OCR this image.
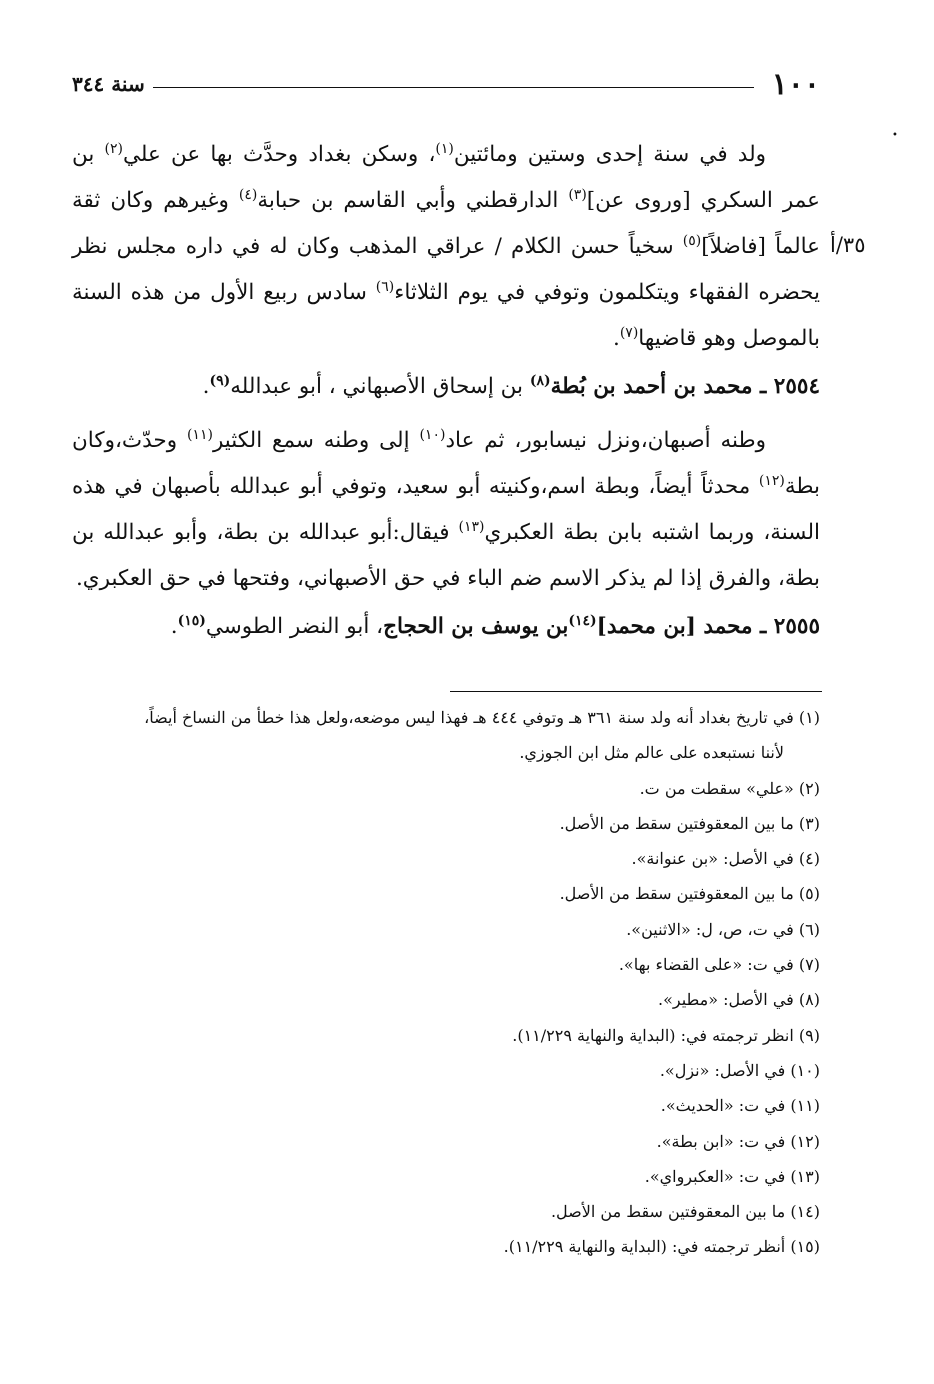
١٠٠
سنة ٣٤٤
•
٣٥/أ

ولد في سنة إحدى وستين ومائتين$^{(١)}$، وسكن بغداد وحدَّث بها عن علي$^{(٢)}$ بن عمر السكري [وروى عن]$^{(٣)}$ الدارقطني وأبي القاسم بن حبابة$^{(٤)}$ وغيرهم وكان ثقة عالماً [فاضلاً]$^{(٥)}$ سخياً حسن الكلام / عراقي المذهب وكان له في داره مجلس نظر يحضره الفقهاء ويتكلمون وتوفي في يوم الثلاثاء$^{(٦)}$ سادس ربيع الأول من هذه السنة بالموصل وهو قاضيها$^{(٧)}$.

٢٥٥٤ ـ محمد بن أحمد بن بُطة$^{(٨)}$ بن إسحاق الأصبهاني ، أبو عبدالله$^{(٩)}$.

وطنه أصبهان،ونزل نيسابور، ثم عاد$^{(١٠)}$ إلى وطنه سمع الكثير$^{(١١)}$ وحدّث،وكان بطة$^{(١٢)}$ محدثاً أيضاً، وبطة اسم،وكنيته أبو سعيد، وتوفي أبو عبدالله بأصبهان في هذه السنة، وربما اشتبه بابن بطة العكبري$^{(١٣)}$ فيقال:أبو عبدالله بن بطة، وأبو عبدالله بن بطة، والفرق إذا لم يذكر الاسم ضم الباء في حق الأصبهاني، وفتحها في حق العكبري.

٢٥٥٥ ـ محمد [بن محمد]$^{(١٤)}$بن يوسف بن الحجاج، أبو النضر الطوسي$^{(١٥)}$.

(١) في تاريخ بغداد أنه ولد سنة ٣٦١ هـ وتوفي ٤٤٤ هـ فهذا ليس موضعه،ولعل هذا خطأ من النساخ أيضاً،

لأننا نستبعده على عالم مثل ابن الجوزي.

(٢) «علي» سقطت من ت.

(٣) ما بين المعقوفتين سقط من الأصل.

(٤) في الأصل: «بن عنوانة».

(٥) ما بين المعقوفتين سقط من الأصل.

(٦) في ت، ص، ل: «الاثنين».

(٧) في ت: «على القضاء بها».

(٨) في الأصل: «مطير».

(٩) انظر ترجمته في: (البداية والنهاية ١١/٢٢٩).

(١٠) في الأصل: «نزل».

(١١) في ت: «الحديث».

(١٢) في ت: «ابن بطة».

(١٣) في ت: «العكبرواي».

(١٤) ما بين المعقوفتين سقط من الأصل.

(١٥) أنظر ترجمته في: (البداية والنهاية ١١/٢٢٩).
